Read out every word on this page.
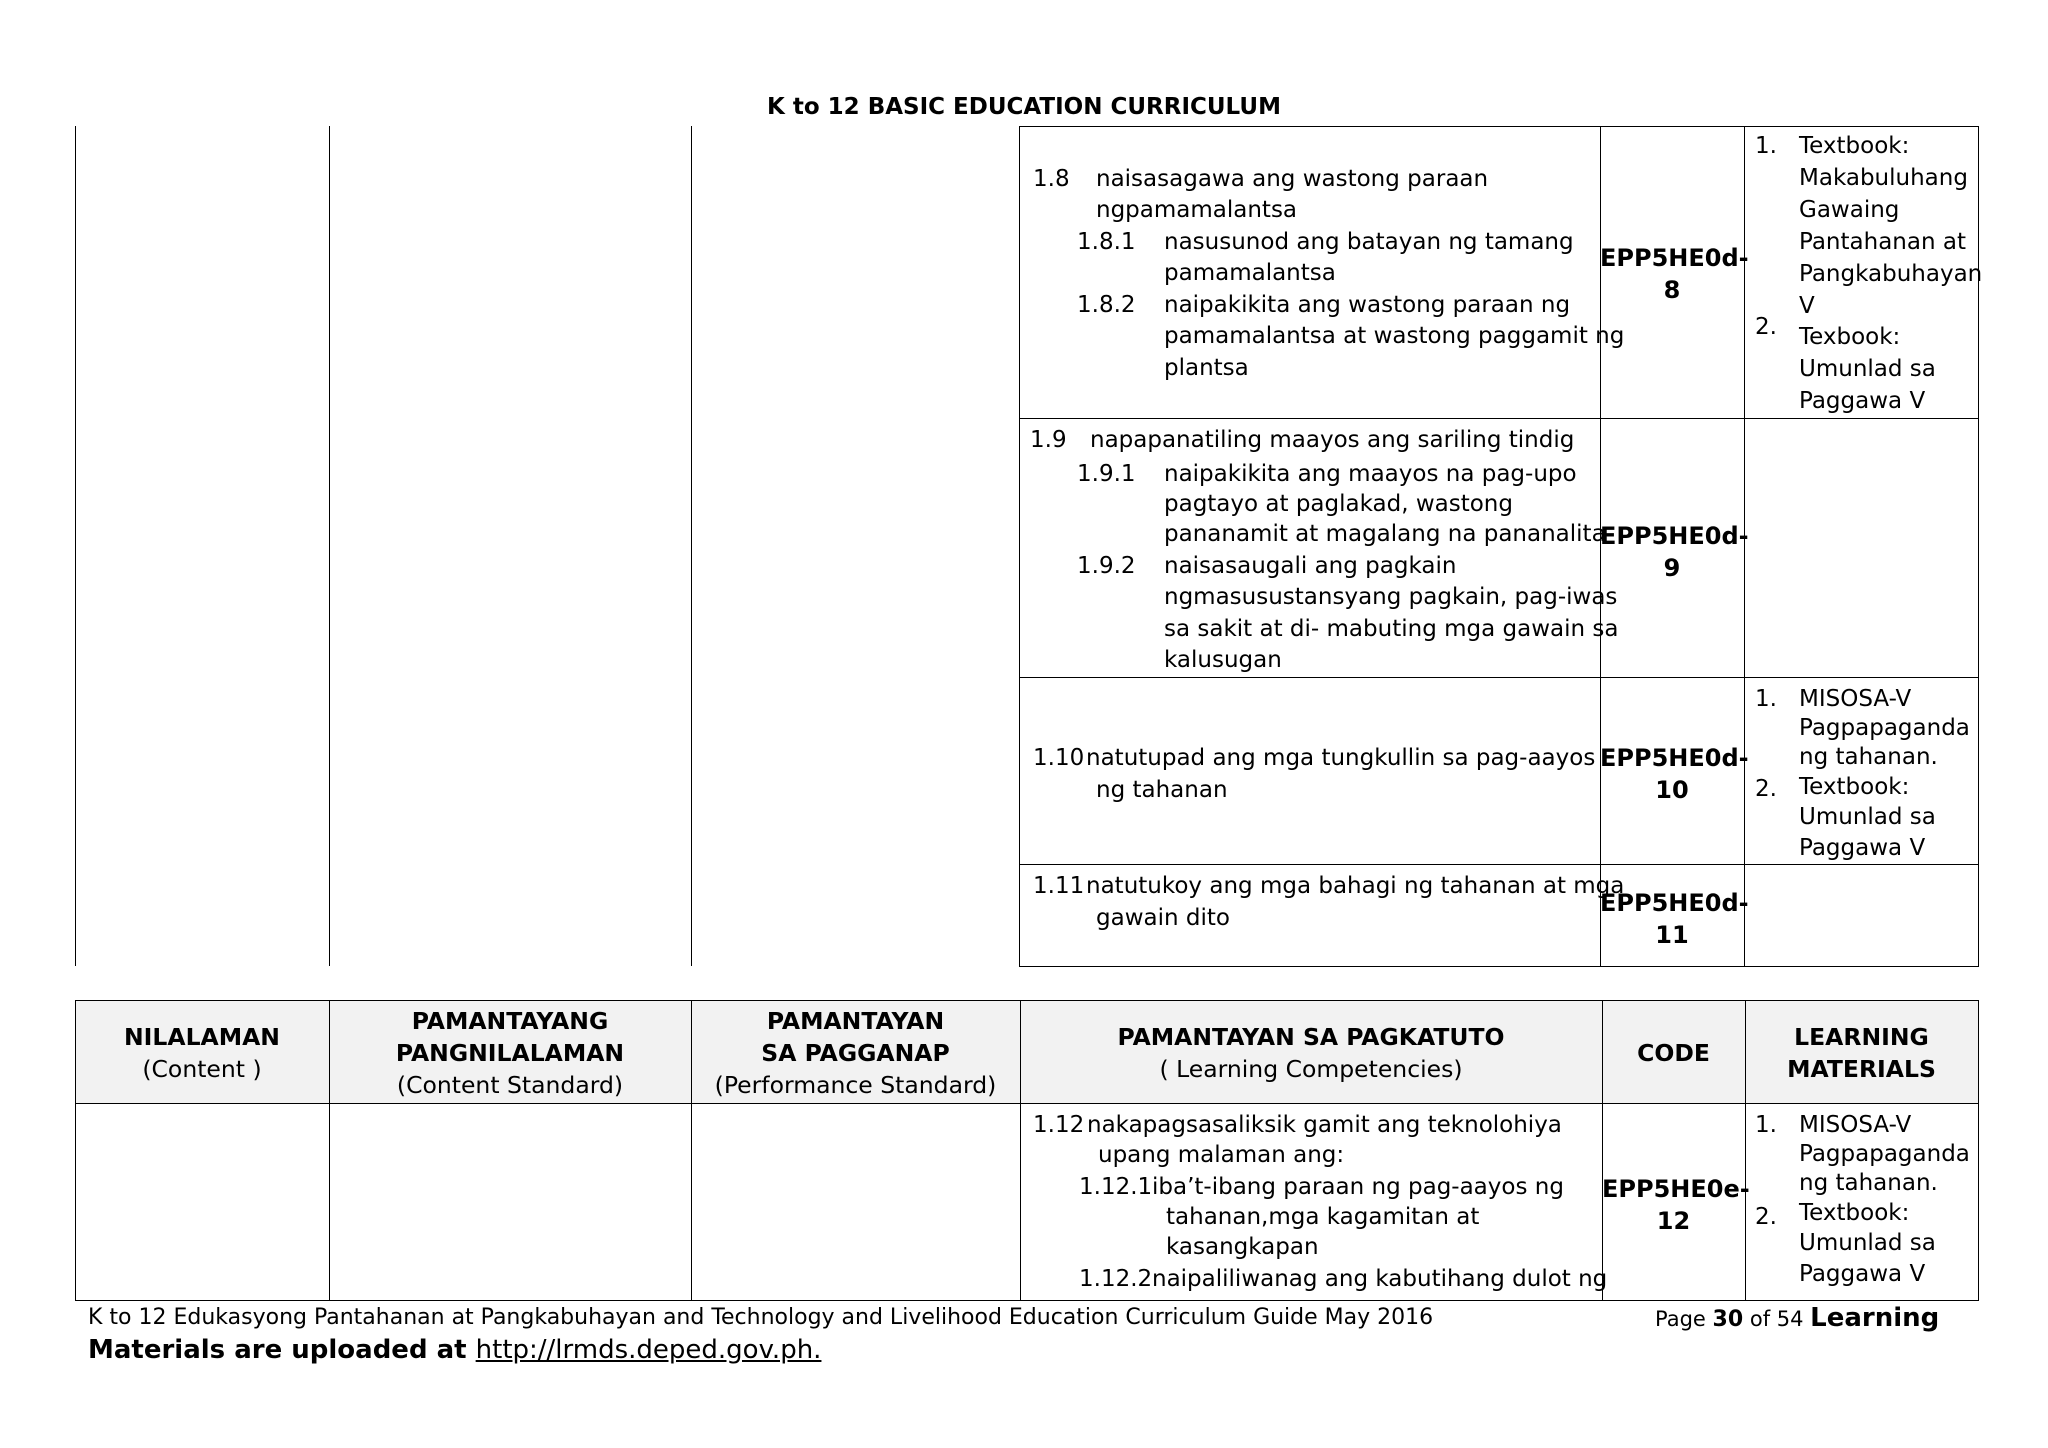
K to 12 BASIC EDUCATION CURRICULUM
1.8 naisasagawa ang wastong paraan
ngpamamalantsa
1.8.1 nasusunod ang batayan ng tamang
pamamalantsa
1.8.2 naipakikita ang wastong paraan ng
pamamalantsa at wastong paggamit ng
plantsa
EPP5HE0d-
8
1. Textbook:
Makabuluhang
Gawaing
Pantahanan at
Pangkabuhayan
V
2. Texbook:
Umunlad sa
Paggawa V
1.9 napapanatiling maayos ang sariling tindig
1.9.1 naipakikita ang maayos na pag-upo
pagtayo at paglakad, wastong
pananamit at magalang na pananalita
1.9.2 naisasaugali ang pagkain
ngmasusustansyang pagkain, pag-iwas
sa sakit at di- mabuting mga gawain sa
kalusugan
EPP5HE0d-
9
1.10 natutupad ang mga tungkullin sa pag-aayos
ng tahanan
EPP5HE0d-
10
1. MISOSA-V
Pagpapaganda
ng tahanan.
2. Textbook:
Umunlad sa
Paggawa V
1.11 natutukoy ang mga bahagi ng tahanan at mga
gawain dito
EPP5HE0d-
11
NILALAMAN
(Content )
PAMANTAYANG
PANGNILALAMAN
(Content Standard)
PAMANTAYAN
SA PAGGANAP
(Performance Standard)
PAMANTAYAN SA PAGKATUTO
( Learning Competencies)
CODE
LEARNING
MATERIALS
1.12 nakapagsasaliksik gamit ang teknolohiya
upang malaman ang:
1.12.1 iba’t-ibang paraan ng pag-aayos ng
tahanan,mga kagamitan at
kasangkapan
1.12.2 naipaliliwanag ang kabutihang dulot ng
EPP5HE0e-
12
1. MISOSA-V
Pagpapaganda
ng tahanan.
2. Textbook:
Umunlad sa
Paggawa V
K to 12 Edukasyong Pantahanan at Pangkabuhayan and Technology and Livelihood Education Curriculum Guide May 2016	Page 30 of 54 Learning
Materials are uploaded at http://lrmds.deped.gov.ph.
